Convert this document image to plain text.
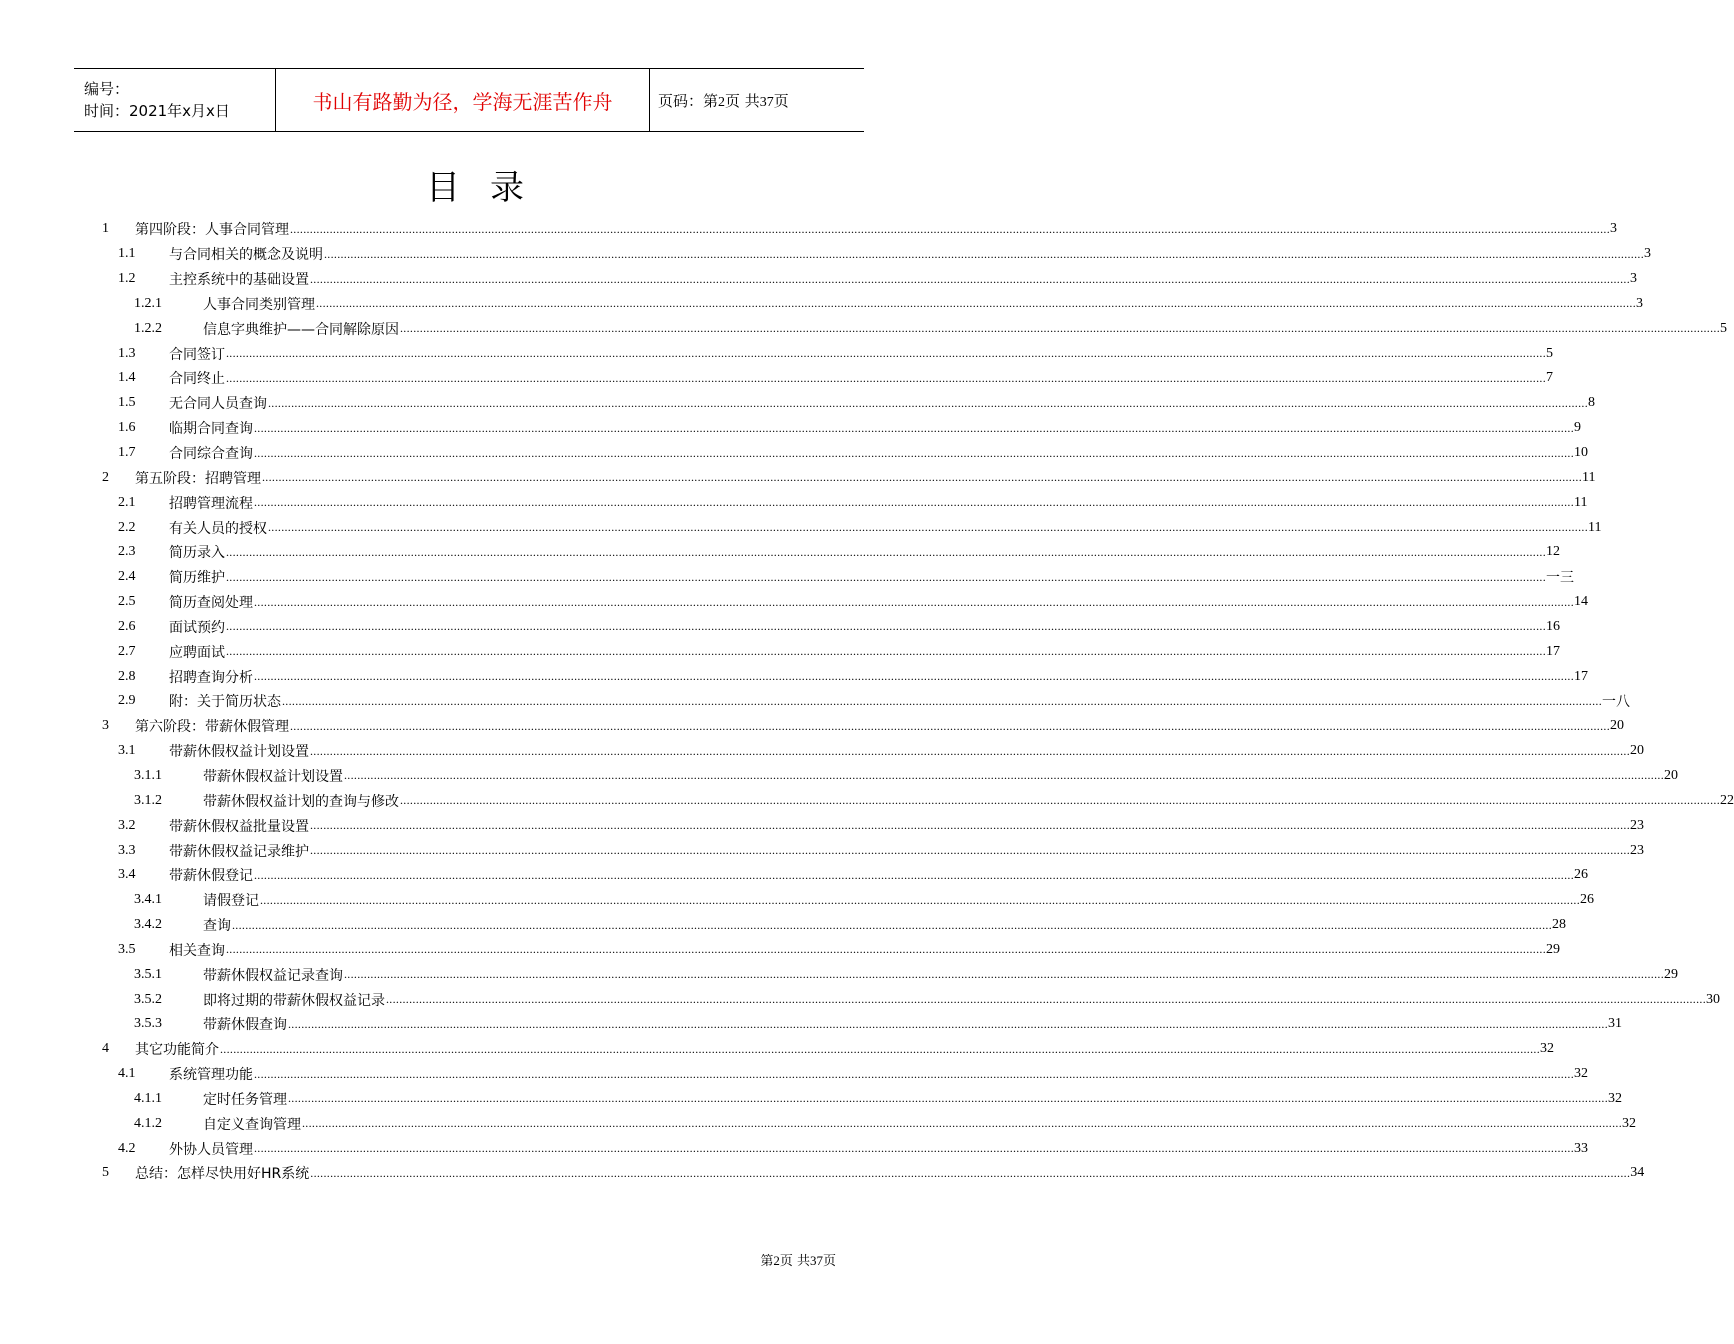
编号：
时间：2021年x月x日	书山有路勤为径，学海无涯苦作舟	页码：第2页 共37页
目录
1 第四阶段：人事合同管理 ................................................................................................................................................................................................................................................................................................................................................................................................................ 3
1.1 与合同相关的概念及说明 ................................................................................................................................................................................................................................................................................................................................................................................................................ 3
1.2 主控系统中的基础设置 ................................................................................................................................................................................................................................................................................................................................................................................................................ 3
1.2.1	人事合同类别管理 ................................................................................................................................................................................................................................................................................................................................................................................................................ 3
1.2.2	信息字典维护——合同解除原因 ................................................................................................................................................................................................................................................................................................................................................................................................................ 5
1.3 合同签订 ................................................................................................................................................................................................................................................................................................................................................................................................................ 5
1.4 合同终止 ................................................................................................................................................................................................................................................................................................................................................................................................................ 7
1.5 无合同人员查询 ................................................................................................................................................................................................................................................................................................................................................................................................................ 8
1.6 临期合同查询 ................................................................................................................................................................................................................................................................................................................................................................................................................ 9
1.7 合同综合查询 ................................................................................................................................................................................................................................................................................................................................................................................................................ 10
2 第五阶段：招聘管理 ................................................................................................................................................................................................................................................................................................................................................................................................................ 11
2.1 招聘管理流程 ................................................................................................................................................................................................................................................................................................................................................................................................................ 11
2.2 有关人员的授权 ................................................................................................................................................................................................................................................................................................................................................................................................................ 11
2.3 简历录入 ................................................................................................................................................................................................................................................................................................................................................................................................................ 12
2.4 简历维护 ................................................................................................................................................................................................................................................................................................................................................................................................................ 一三
2.5 简历查阅处理 ................................................................................................................................................................................................................................................................................................................................................................................................................ 14
2.6 面试预约 ................................................................................................................................................................................................................................................................................................................................................................................................................ 16
2.7 应聘面试 ................................................................................................................................................................................................................................................................................................................................................................................................................ 17
2.8 招聘查询分析 ................................................................................................................................................................................................................................................................................................................................................................................................................ 17
2.9 附：关于简历状态 ................................................................................................................................................................................................................................................................................................................................................................................................................ 一八
3 第六阶段：带薪休假管理 ................................................................................................................................................................................................................................................................................................................................................................................................................ 20
3.1 带薪休假权益计划设置 ................................................................................................................................................................................................................................................................................................................................................................................................................ 20
3.1.1	带薪休假权益计划设置 ................................................................................................................................................................................................................................................................................................................................................................................................................ 20
3.1.2	带薪休假权益计划的查询与修改 ................................................................................................................................................................................................................................................................................................................................................................................................................ 22
3.2 带薪休假权益批量设置 ................................................................................................................................................................................................................................................................................................................................................................................................................ 23
3.3 带薪休假权益记录维护 ................................................................................................................................................................................................................................................................................................................................................................................................................ 23
3.4 带薪休假登记 ................................................................................................................................................................................................................................................................................................................................................................................................................ 26
3.4.1	请假登记 ................................................................................................................................................................................................................................................................................................................................................................................................................ 26
3.4.2	查询 ................................................................................................................................................................................................................................................................................................................................................................................................................ 28
3.5 相关查询 ................................................................................................................................................................................................................................................................................................................................................................................................................ 29
3.5.1	带薪休假权益记录查询 ................................................................................................................................................................................................................................................................................................................................................................................................................ 29
3.5.2	即将过期的带薪休假权益记录 ................................................................................................................................................................................................................................................................................................................................................................................................................ 30
3.5.3	带薪休假查询 ................................................................................................................................................................................................................................................................................................................................................................................................................ 31
4 其它功能简介 ................................................................................................................................................................................................................................................................................................................................................................................................................ 32
4.1 系统管理功能 ................................................................................................................................................................................................................................................................................................................................................................................................................ 32
4.1.1	定时任务管理 ................................................................................................................................................................................................................................................................................................................................................................................................................ 32
4.1.2	自定义查询管理 ................................................................................................................................................................................................................................................................................................................................................................................................................ 32
4.2 外协人员管理 ................................................................................................................................................................................................................................................................................................................................................................................................................ 33
5 总结：怎样尽快用好HR系统 ................................................................................................................................................................................................................................................................................................................................................................................................................ 34
第2页 共37页
